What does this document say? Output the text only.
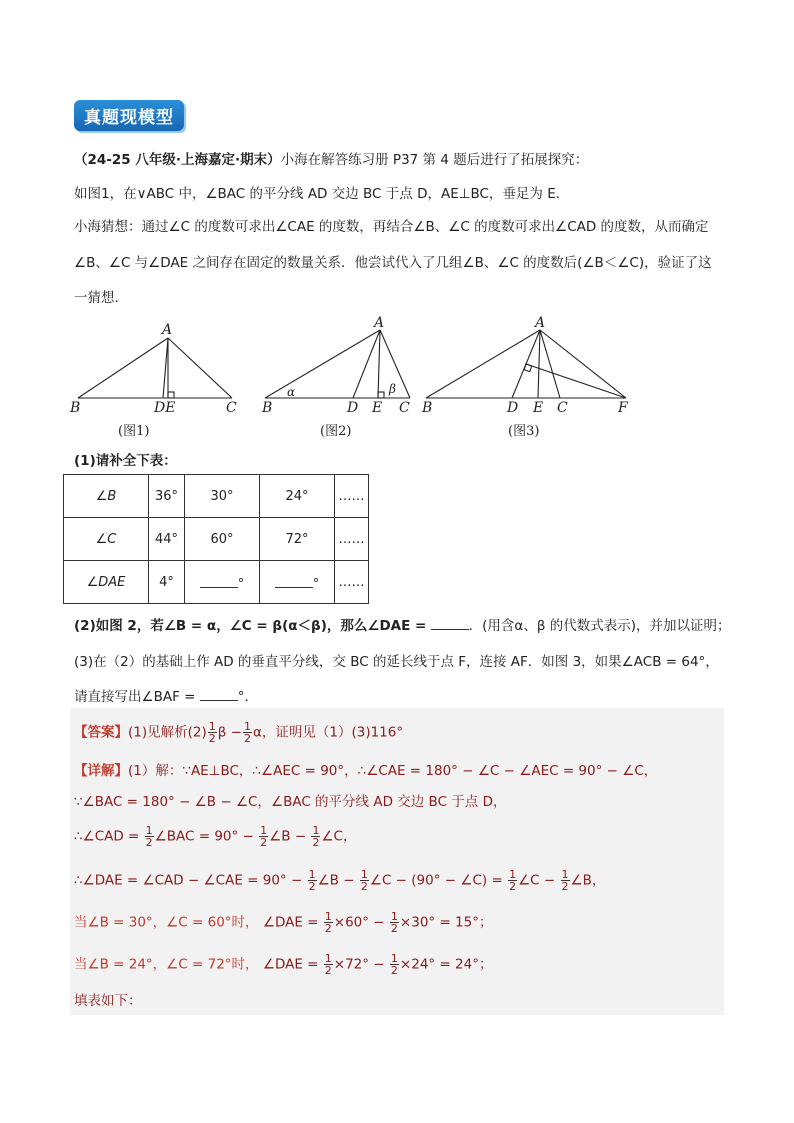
真题现模型
（24-25 八年级·上海嘉定·期末）小海在解答练习册 P37 第 4 题后进行了拓展探究：
如图1，在∨ABC 中，∠BAC 的平分线 AD 交边 BC 于点 D，AE⊥BC，垂足为 E．
小海猜想：通过∠C 的度数可求出∠CAE 的度数，再结合∠B、∠C 的度数可求出∠CAD 的度数，从而确定
∠B、∠C 与∠DAE 之间存在固定的数量关系．他尝试代入了几组∠B、∠C 的度数后(∠B＜∠C)，验证了这
一猜想．
A
B	DE	C
(图1)
A
B	D E C
α	β
(图2)
A
B	D E C	F
(图3)
(1)请补全下表：
∠B	36°	30°	24°	……
∠C	44°	60°	72°	……
∠DAE	4°	°	°	……
(2)如图 2，若∠B = α，∠C = β(α＜β)，那么∠DAE =	．(用含α、β 的代数式表示)，并加以证明；
(3)在（2）的基础上作 AD 的垂直平分线，交 BC 的延长线于点 F，连接 AF．如图 3，如果∠ACB = 64°，
请直接写出∠BAF =	°．
【答案】(1)见解析$(2) \frac{1}{2}$ $\beta - \frac{1}{2}$ α，证明见（1）(3)116°
【详解】(1）解：∵AE⊥BC，∴∠AEC = 90°，∴∠CAE = 180° − ∠C − ∠AEC = 90° − ∠C，
∵∠BAC = 180° − ∠B − ∠C，∠BAC 的平分线 AD 交边 BC 于点 D，
∴∠CAD = $\frac{1}{2}$ ∠BAC = $90^\circ - \frac{1}{2}$ ∠B − $\frac{1}{2}$ ∠C，
∴∠DAE = ∠CAD − ∠CAE = $90^\circ - \frac{1}{2}$ ∠B − $\frac{1}{2}$ ∠C − (90° − ∠C) = $\frac{1}{2}$ ∠C − $\frac{1}{2}$ ∠B，
当∠B = 30°，∠C = 60°时， ∠DAE = $\frac{1}{2} \times 60^\circ - \frac{1}{2} \times 30^\circ = 15^\circ$；
当∠B = 24°，∠C = 72°时， ∠DAE = $\frac{1}{2} \times 72^\circ - \frac{1}{2} \times 24^\circ = 24^\circ$；
填表如下：
